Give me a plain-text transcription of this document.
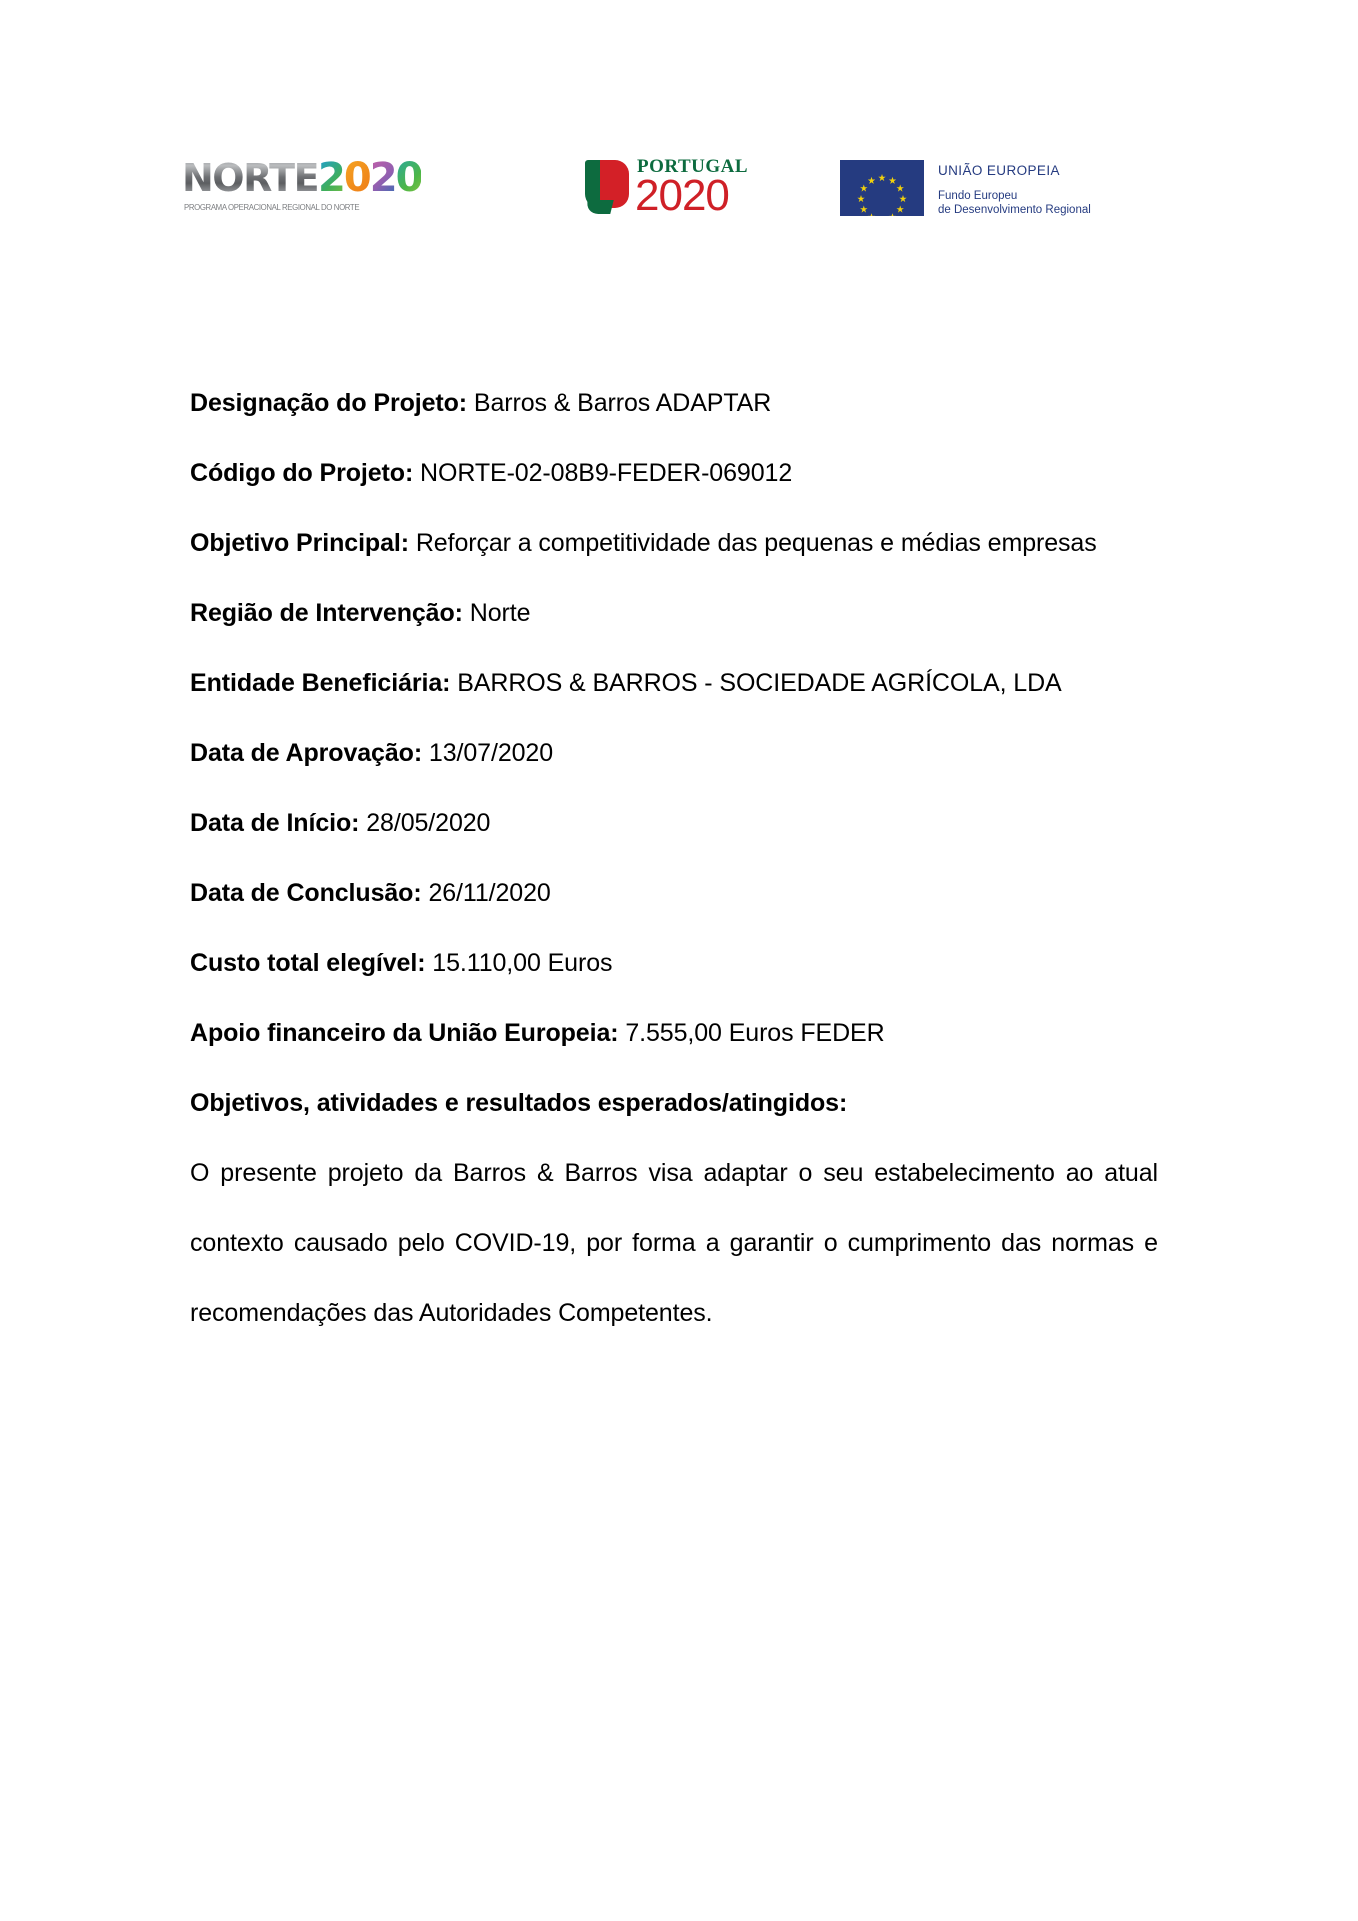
NORTE2020
PROGRAMA OPERACIONAL REGIONAL DO NORTE
PORTUGAL
2020
UNIÃO EUROPEIA
Fundo Europeu
de Desenvolvimento Regional

Designação do Projeto: Barros & Barros ADAPTAR

Código do Projeto: NORTE-02-08B9-FEDER-069012

Objetivo Principal: Reforçar a competitividade das pequenas e médias empresas

Região de Intervenção: Norte

Entidade Beneficiária: BARROS & BARROS - SOCIEDADE AGRÍCOLA, LDA

Data de Aprovação: 13/07/2020

Data de Início: 28/05/2020

Data de Conclusão: 26/11/2020

Custo total elegível: 15.110,00 Euros

Apoio financeiro da União Europeia: 7.555,00 Euros FEDER

Objetivos, atividades e resultados esperados/atingidos:

O presente projeto da Barros & Barros visa adaptar o seu estabelecimento ao atual contexto causado pelo COVID-19, por forma a garantir o cumprimento das normas e recomendações das Autoridades Competentes.
